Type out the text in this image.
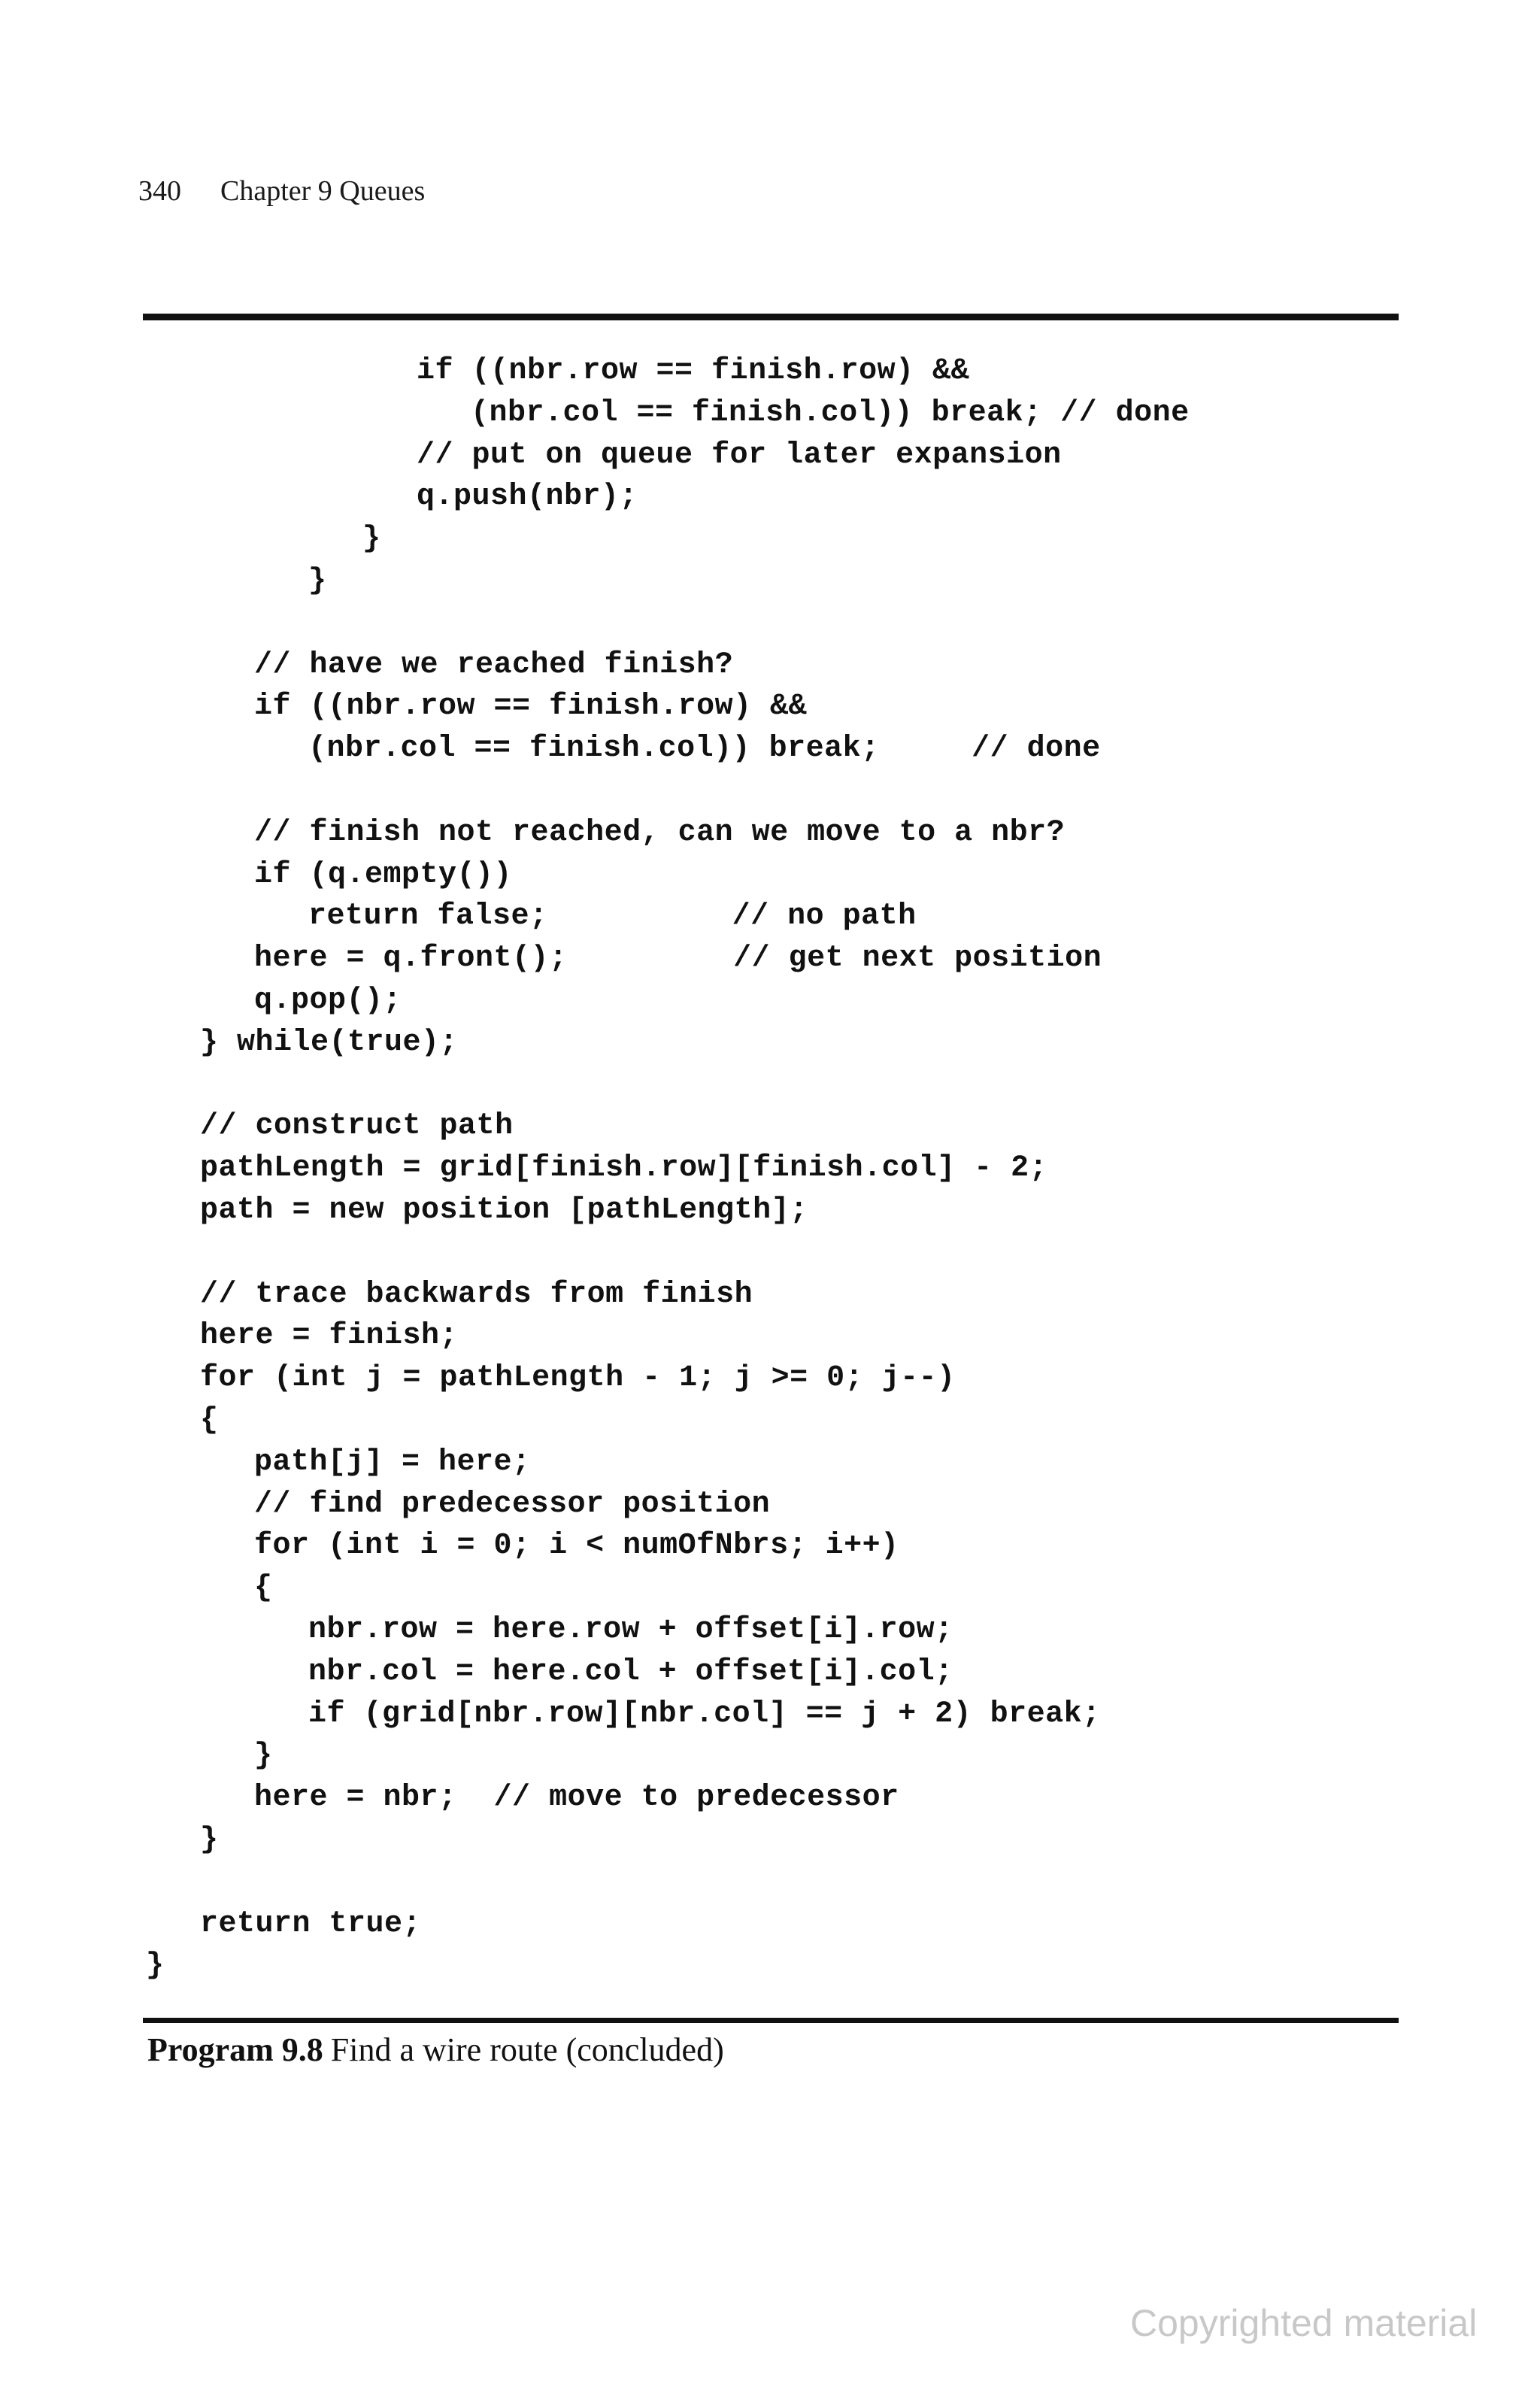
340 Chapter 9 Queues
if ((nbr.row == finish.row) &&
(nbr.col == finish.col)) break; // done
// put on queue for later expansion
q.push(nbr);
}
}
// have we reached finish?
if ((nbr.row == finish.row) &&
(nbr.col == finish.col)) break;     // done
// finish not reached, can we move to a nbr?
if (q.empty())
return false;          // no path
here = q.front();         // get next position
q.pop();
} while(true);
// construct path
pathLength = grid[finish.row][finish.col] - 2;
path = new position [pathLength];
// trace backwards from finish
here = finish;
for (int j = pathLength - 1; j >= 0; j--)
{
path[j] = here;
// find predecessor position
for (int i = 0; i < numOfNbrs; i++)
{
nbr.row = here.row + offset[i].row;
nbr.col = here.col + offset[i].col;
if (grid[nbr.row][nbr.col] == j + 2) break;
}
here = nbr;  // move to predecessor
}
return true;
}
Program 9.8 Find a wire route (concluded)
Copyrighted material
